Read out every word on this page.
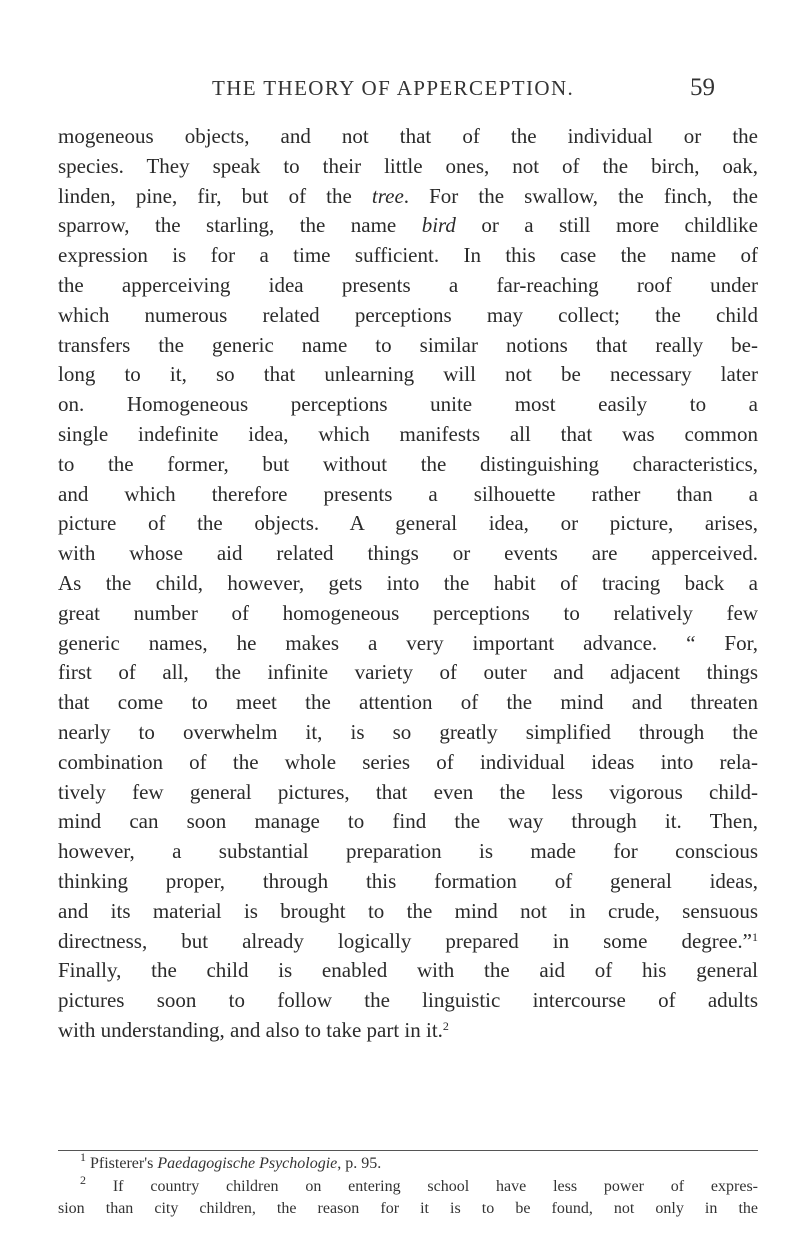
THE THEORY OF APPERCEPTION.	59
mogeneous objects, and not that of the individual or the
species. They speak to their little ones, not of the birch, oak,
linden, pine, fir, but of the tree. For the swallow, the finch, the
sparrow, the starling, the name bird or a still more childlike
expression is for a time sufficient. In this case the name of
the apperceiving idea presents a far-reaching roof under
which numerous related perceptions may collect; the child
transfers the generic name to similar notions that really be-
long to it, so that unlearning will not be necessary later
on. Homogeneous perceptions unite most easily to a
single indefinite idea, which manifests all that was common
to the former, but without the distinguishing characteristics,
and which therefore presents a silhouette rather than a
picture of the objects. A general idea, or picture, arises,
with whose aid related things or events are apperceived.
As the child, however, gets into the habit of tracing back a
great number of homogeneous perceptions to relatively few
generic names, he makes a very important advance. “ For,
first of all, the infinite variety of outer and adjacent things
that come to meet the attention of the mind and threaten
nearly to overwhelm it, is so greatly simplified through the
combination of the whole series of individual ideas into rela-
tively few general pictures, that even the less vigorous child-
mind can soon manage to find the way through it. Then,
however, a substantial preparation is made for conscious
thinking proper, through this formation of general ideas,
and its material is brought to the mind not in crude, sensuous
directness, but already logically prepared in some degree.”$^1$
Finally, the child is enabled with the aid of his general
pictures soon to follow the linguistic intercourse of adults
with understanding, and also to take part in it.$^2$
$^1$ Pfisterer's Paedagogische Psychologie, p. 95.
$^2$ If country children on entering school have less power of expres-
sion than city children, the reason for it is to be found, not only in the
